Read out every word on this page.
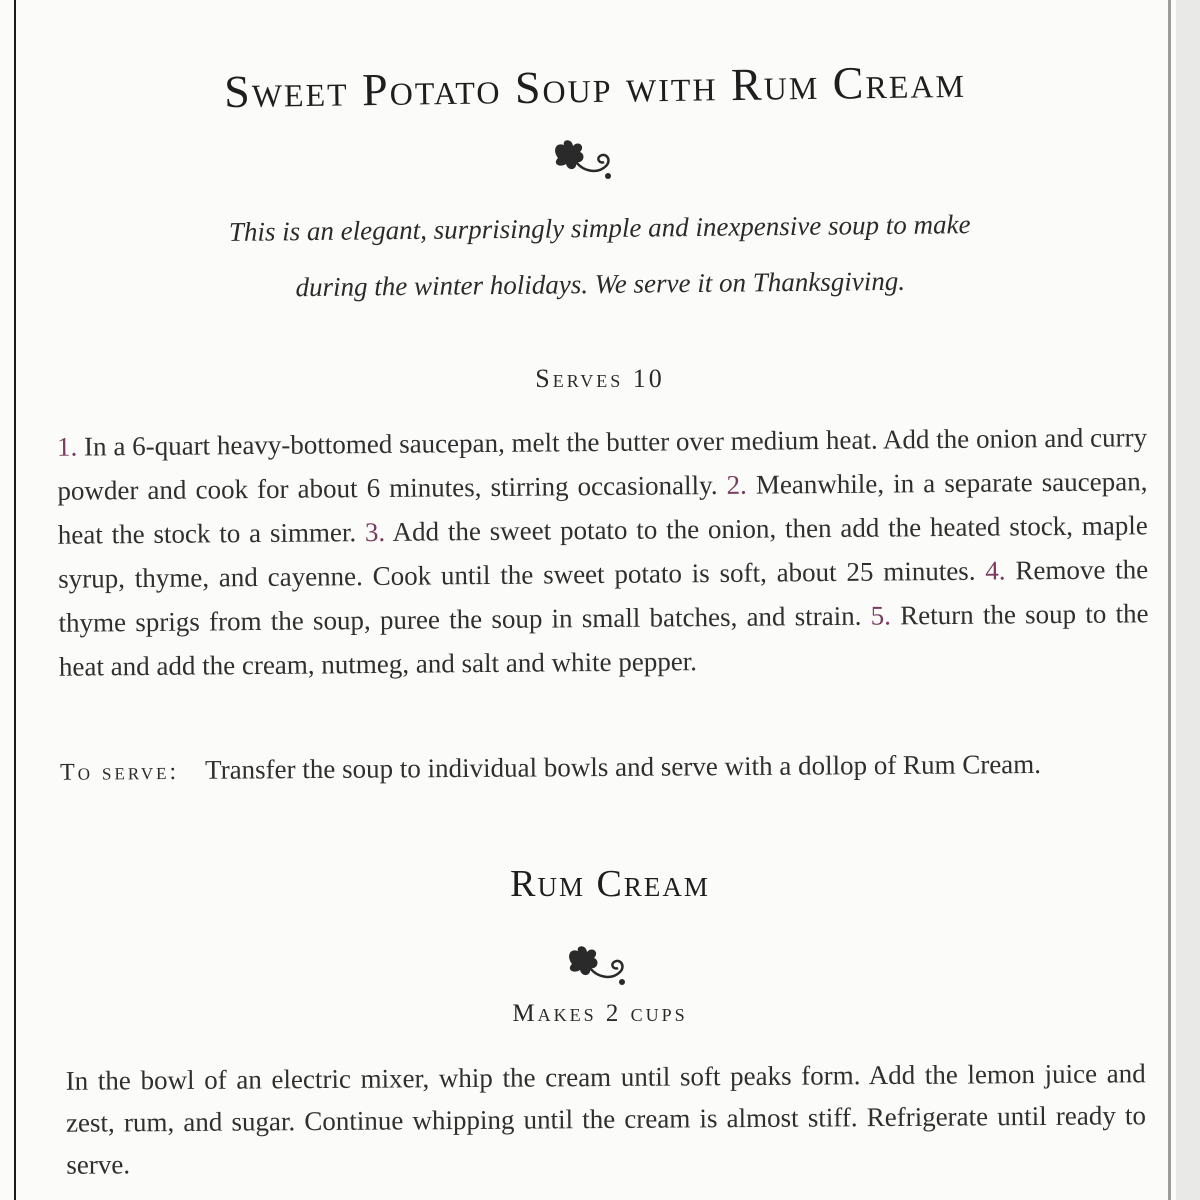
Sweet Potato Soup with Rum Cream
This is an elegant, surprisingly simple and inexpensive soup to make
during the winter holidays. We serve it on Thanksgiving.
Serves 10

1. In a 6-quart heavy-bottomed saucepan, melt the butter over medium heat. Add the onion and curry powder and cook for about 6 minutes, stirring occasionally. 2. Meanwhile, in a separate saucepan, heat the stock to a simmer. 3. Add the sweet potato to the onion, then add the heated stock, maple syrup, thyme, and cayenne. Cook until the sweet potato is soft, about 25 minutes. 4. Remove the thyme sprigs from the soup, puree the soup in small batches, and strain. 5. Return the soup to the heat and add the cream, nutmeg, and salt and white pepper.

To serve: Transfer the soup to individual bowls and serve with a dollop of Rum Cream.

Rum Cream
Makes 2 cups

In the bowl of an electric mixer, whip the cream until soft peaks form. Add the lemon juice and zest, rum, and sugar. Continue whipping until the cream is almost stiff. Refrigerate until ready to serve.
